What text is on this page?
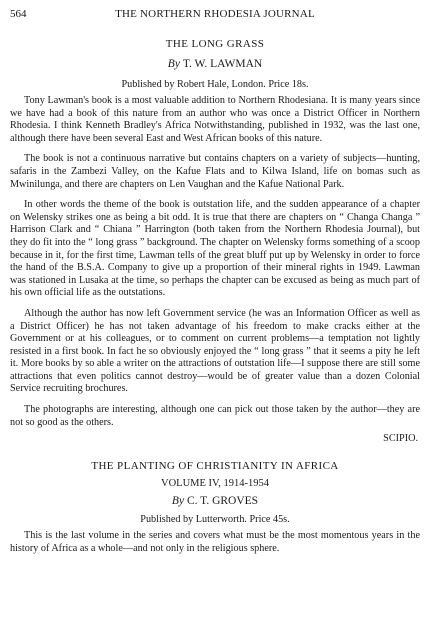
564	THE NORTHERN RHODESIA JOURNAL
THE LONG GRASS
By T. W. LAWMAN
Published by Robert Hale, London. Price 18s.

Tony Lawman's book is a most valuable addition to Northern Rhodesiana. It is many years since we have had a book of this nature from an author who was once a District Officer in Northern Rhodesia. I think Kenneth Bradley's Africa Notwithstanding, published in 1932, was the last one, although there have been several East and West African books of this nature.

The book is not a continuous narrative but contains chapters on a variety of subjects—hunting, safaris in the Zambezi Valley, on the Kafue Flats and to Kilwa Island, life on bomas such as Mwinilunga, and there are chapters on Len Vaughan and the Kafue National Park.

In other words the theme of the book is outstation life, and the sudden appearance of a chapter on Welensky strikes one as being a bit odd. It is true that there are chapters on “ Changa Changa ” Harrison Clark and “ Chiana ” Harrington (both taken from the Northern Rhodesia Journal), but they do fit into the “ long grass ” background. The chapter on Welensky forms something of a scoop because in it, for the first time, Lawman tells of the great bluff put up by Welensky in order to force the hand of the B.S.A. Company to give up a proportion of their mineral rights in 1949. Lawman was stationed in Lusaka at the time, so perhaps the chapter can be excused as being as much part of his own official life as the outstations.

Although the author has now left Government service (he was an Information Officer as well as a District Officer) he has not taken advantage of his freedom to make cracks either at the Government or at his colleagues, or to comment on current problems—a temptation not lightly resisted in a first book. In fact he so obviously enjoyed the “ long grass ” that it seems a pity he left it. More books by so able a writer on the attractions of outstation life—I suppose there are still some attractions that even politics cannot destroy—would be of greater value than a dozen Colonial Service recruiting brochures.

The photographs are interesting, although one can pick out those taken by the author—they are not so good as the others.

SCIPIO.

THE PLANTING OF CHRISTIANITY IN AFRICA
VOLUME IV, 1914-1954
By C. T. GROVES
Published by Lutterworth. Price 45s.

This is the last volume in the series and covers what must be the most momentous years in the history of Africa as a whole—and not only in the religious sphere.
